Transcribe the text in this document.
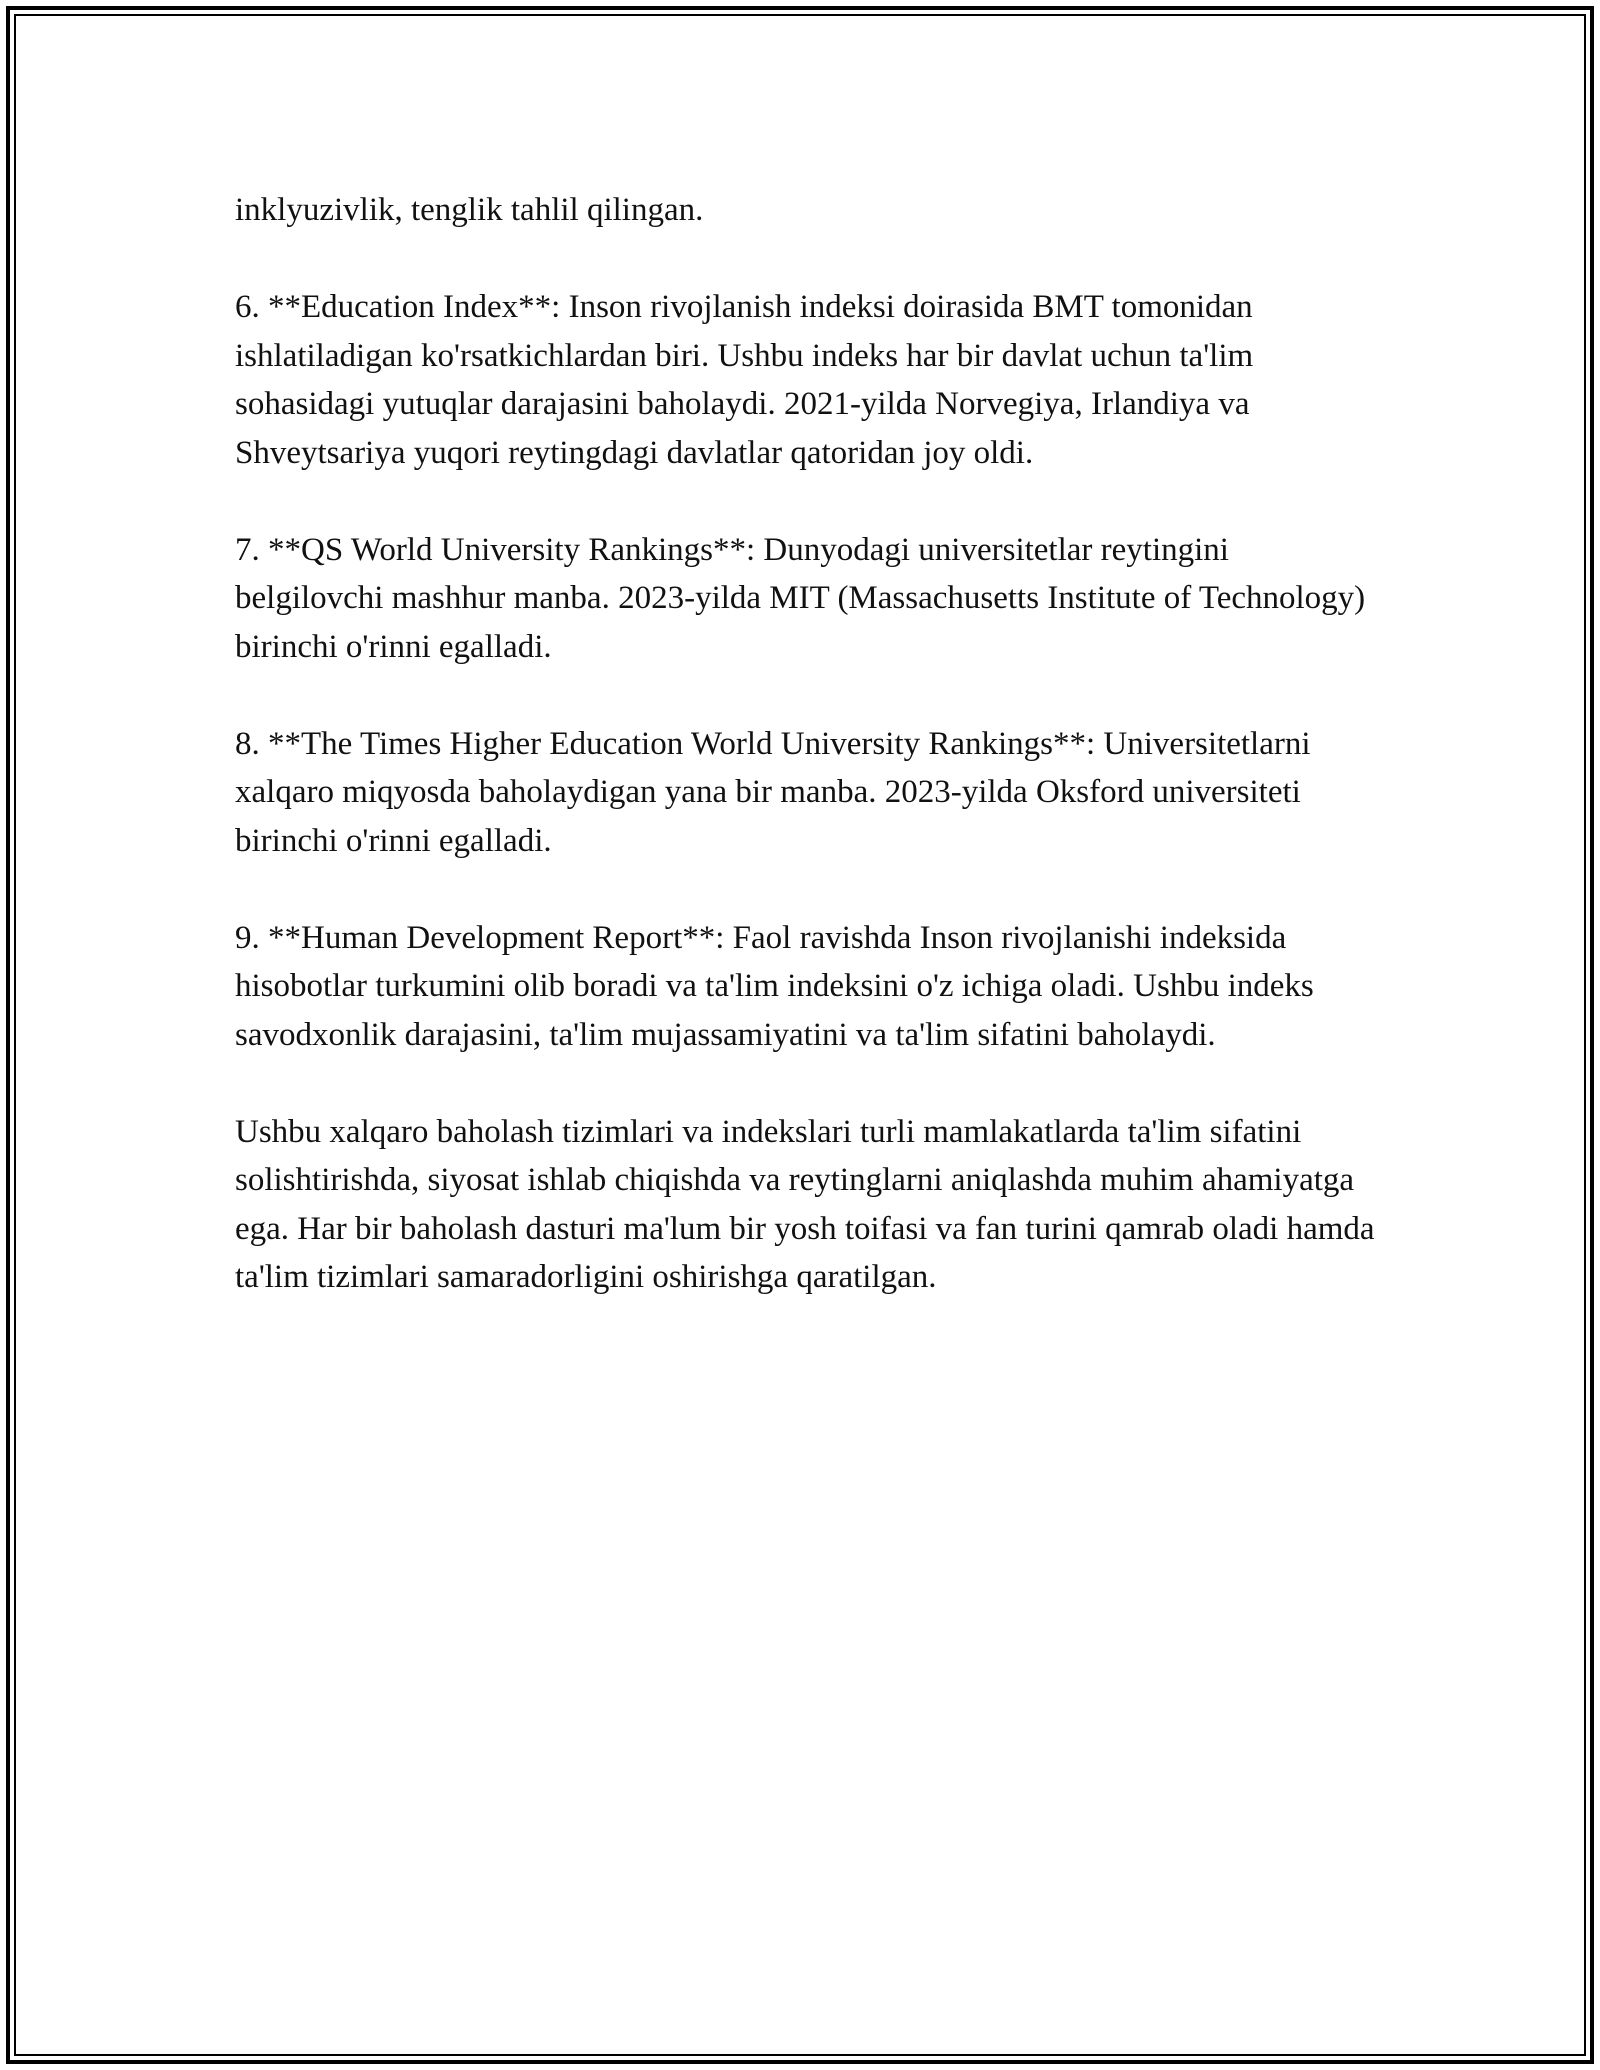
inklyuzivlik, tenglik tahlil qilingan.

6. **Education Index**: Inson rivojlanish indeksi doirasida BMT tomonidan ishlatiladigan ko'rsatkichlardan biri. Ushbu indeks har bir davlat uchun ta'lim sohasidagi yutuqlar darajasini baholaydi. 2021-yilda Norvegiya, Irlandiya va Shveytsariya yuqori reytingdagi davlatlar qatoridan joy oldi.

7. **QS World University Rankings**: Dunyodagi universitetlar reytingini belgilovchi mashhur manba. 2023-yilda MIT (Massachusetts Institute of Technology) birinchi o'rinni egalladi.

8. **The Times Higher Education World University Rankings**: Universitetlarni xalqaro miqyosda baholaydigan yana bir manba. 2023-yilda Oksford universiteti birinchi o'rinni egalladi.

9. **Human Development Report**: Faol ravishda Inson rivojlanishi indeksida hisobotlar turkumini olib boradi va ta'lim indeksini o'z ichiga oladi. Ushbu indeks savodxonlik darajasini, ta'lim mujassamiyatini va ta'lim sifatini baholaydi.

Ushbu xalqaro baholash tizimlari va indekslari turli mamlakatlarda ta'lim sifatini solishtirishda, siyosat ishlab chiqishda va reytinglarni aniqlashda muhim ahamiyatga ega. Har bir baholash dasturi ma'lum bir yosh toifasi va fan turini qamrab oladi hamda ta'lim tizimlari samaradorligini oshirishga qaratilgan.
